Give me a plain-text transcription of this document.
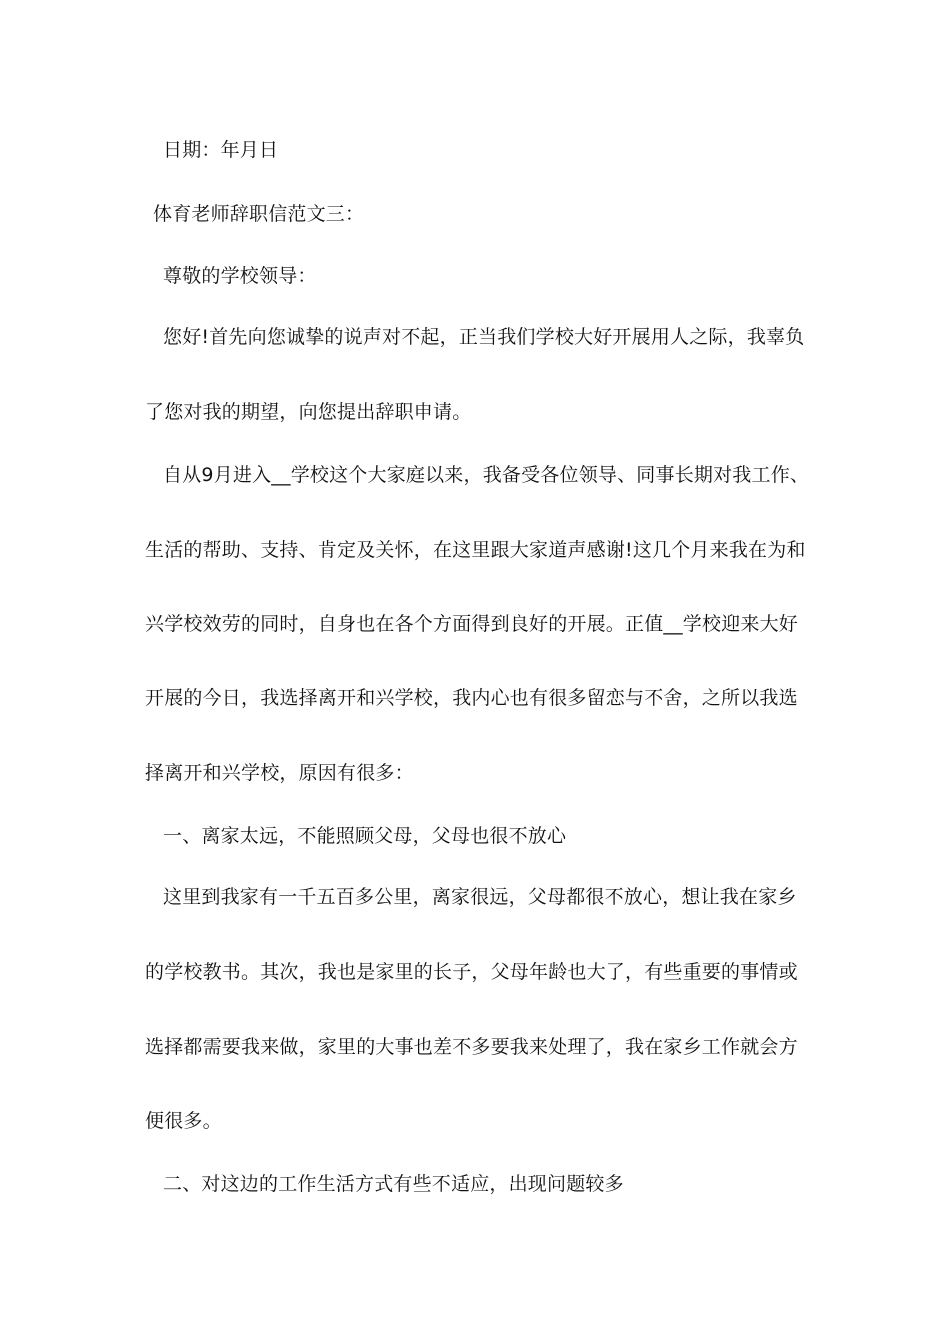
日期：年月日
体育老师辞职信范文三：
尊敬的学校领导：
您好!首先向您诚挚的说声对不起，正当我们学校大好开展用人之际，我辜负
了您对我的期望，向您提出辞职申请。
自从9月进入__学校这个大家庭以来，我备受各位领导、同事长期对我工作、
生活的帮助、支持、肯定及关怀，在这里跟大家道声感谢!这几个月来我在为和
兴学校效劳的同时，自身也在各个方面得到良好的开展。正值__学校迎来大好
开展的今日，我选择离开和兴学校，我内心也有很多留恋与不舍，之所以我选
择离开和兴学校，原因有很多：
一、离家太远，不能照顾父母，父母也很不放心
这里到我家有一千五百多公里，离家很远，父母都很不放心，想让我在家乡
的学校教书。其次，我也是家里的长子，父母年龄也大了，有些重要的事情或
选择都需要我来做，家里的大事也差不多要我来处理了，我在家乡工作就会方
便很多。
二、对这边的工作生活方式有些不适应，出现问题较多
